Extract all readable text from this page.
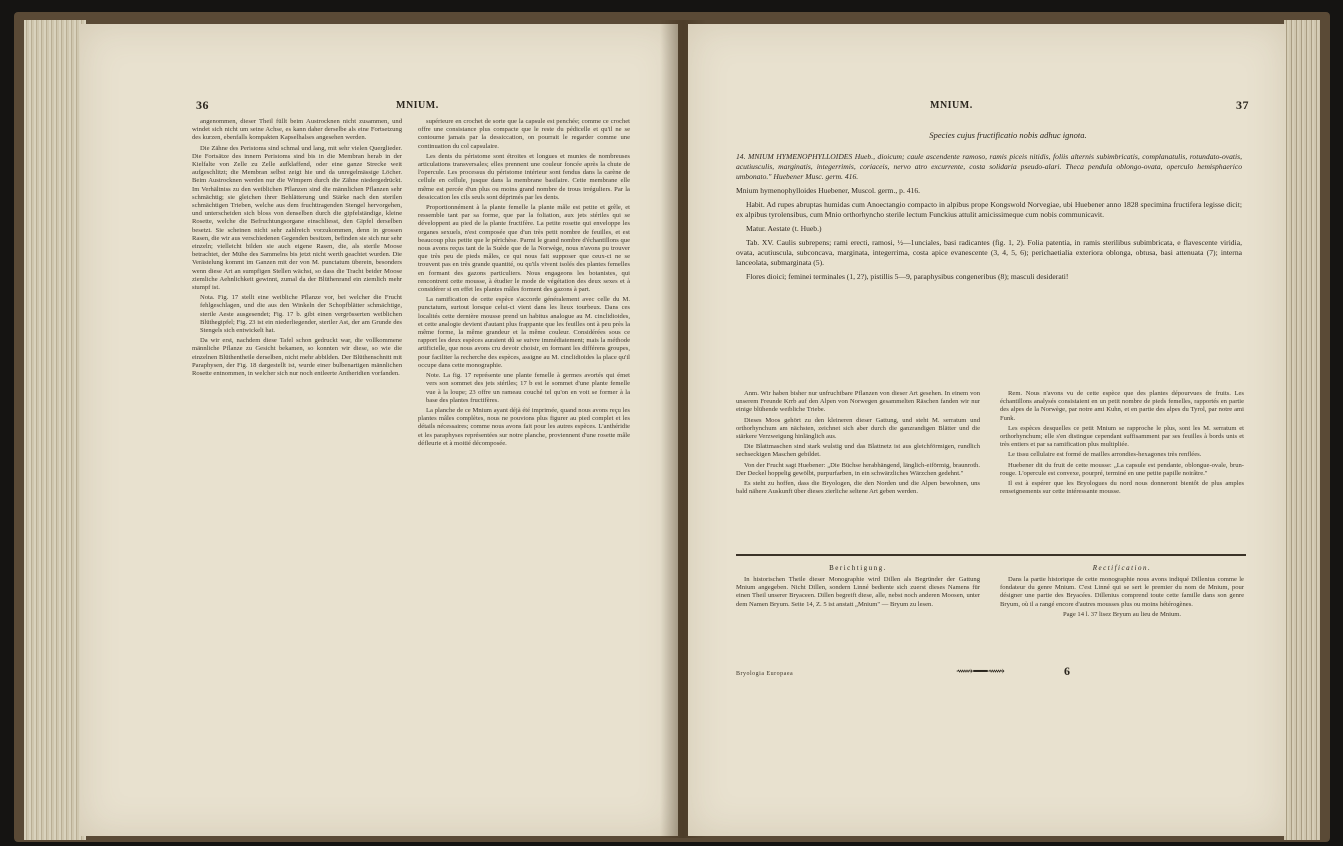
36	MNIUM.

angenommen, dieser Theil füllt beim Austrocknen nicht zusammen, und windet sich nicht um seine Achse, es kann daher derselbe als eine Fortsetzung des kurzen, ebenfalls kompakten Kapselhalses angesehen werden.

Die Zähne des Peristoms sind schmal und lang, mit sehr vielen Querglieder. Die Fortsätze des innern Peristoms sind bis in die Membran herab in der Kielfalte von Zelle zu Zelle aufklaffend, oder eine ganze Strecke weit aufgeschlitzt; die Membran selbst zeigt hie und da unregelmässige Löcher. Beim Austrocknen werden nur die Wimpern durch die Zähne niedergedrückt. Im Verhältniss zu den weiblichen Pflanzen sind die männlichen Pflanzen sehr schmächtig; sie gleichen ihrer Behlätterung und Stärke nach den sterilen schmächtigen Trieben, welche aus dem fruchttragenden Stengel hervorgehen, und unterscheiden sich bloss von denselben durch die gipfelständige, kleine Rosette, welche die Befruchtungsorgane einschliesst, den Gipfel derselben besetzt. Sie scheinen nicht sehr zahlreich vorzukommen, denn in grossen Rasen, die wir aus verschiedenen Gegenden besitzen, befinden sie sich nur sehr einzeln; vielleicht bilden sie auch eigene Rasen, die, als sterile Moose betrachtet, der Mühe des Sammelns bis jetzt nicht werth geachtet wurden. Die Verästelung kommt im Ganzen mit der von M. punctatum überein, besonders wenn diese Art an sumpfigen Stellen wächst, so dass die Tracht beider Moose ziemliche Aehnlichkeit gewinnt, zumal da der Blüthenrand ein ziemlich mehr stumpf ist.

Nota. Fig. 17 stellt eine weibliche Pflanze vor, bei welcher die Frucht fehlgeschlagen, und die aus den Winkeln der Schopfblätter schmächtige, sterile Aeste ausgesendet; Fig. 17 b. gibt einen vergrösserten weiblichen Blüthegipfel; Fig. 23 ist ein niederliegender, steriler Ast, der am Grunde des Stengels sich entwickelt hat.

Da wir erst, nachdem diese Tafel schon gedruckt war, die vollkommene männliche Pflanze zu Gesicht bekamen, so konnten wir diese, so wie die einzelnen Blüthentheile derselben, nicht mehr abbilden. Der Blüthenschnitt mit Paraphysen, der Fig. 18 dargestellt ist, wurde einer bulbenartigen männlichen Rosette entnommen, in welcher sich nur noch entleerte Antheridien vorfanden.

supérieure en crochet de sorte que la capsule est penchée; comme ce crochet offre une consistance plus compacte que le reste du pédicelle et qu'il ne se contourne jamais par la dessiccation, on pourrait le regarder comme une continuation du col capsulaire.

Les dents du péristome sont étroites et longues et munies de nombreuses articulations transversales; elles prennent une couleur foncée après la chute de l'opercule. Les processus du péristome intérieur sont fendus dans la carène de cellule en cellule, jusque dans la membrane basilaire. Cette membrane elle même est percée d'un plus ou moins grand nombre de trous irréguliers. Par la dessiccation les cils seuls sont déprimés par les dents.

Proportionnément à la plante femelle la plante mâle est petite et grêle, et ressemble tant par sa forme, que par la foliation, aux jets stériles qui se développent au pied de la plante fructifère. La petite rosette qui enveloppe les organes sexuels, n'est composée que d'un très petit nombre de feuilles, et est beaucoup plus petite que le périchèse. Parmi le grand nombre d'échantillons que nous avons reçus tant de la Suède que de la Norwège, nous n'avons pu trouver que très peu de pieds mâles, ce qui nous fait supposer que ceux-ci ne se trouvent pas en très grande quantité, ou qu'ils vivent isolés des plantes femelles en formant des gazons particuliers. Nous engageons les botanistes, qui rencontrent cette mousse, à étudier le mode de végétation des deux sexes et à considérer si en effet les plantes mâles forment des gazons à part.

La ramification de cette espèce s'accorde généralement avec celle du M. punctatum, surtout lorsque celui-ci vient dans les lieux tourbeux. Dans ces localités cette dernière mousse prend un habitus analogue au M. cinclidioides, et cette analogie devient d'autant plus frappante que les feuilles ont à peu près la même forme, la même grandeur et la même couleur. Considérées sous ce rapport les deux espèces auraient dû se suivre immédiatement; mais la méthode artificielle, que nous avons cru devoir choisir, en formant les différens groupes, pour faciliter la recherche des espèces, assigne au M. cinclidioides la place qu'il occupe dans cette monographie.

Note. La fig. 17 représente une plante femelle à germes avortés qui émet vers son sommet des jets stériles; 17 b est le sommet d'une plante femelle vue à la loupe; 23 offre un rameau couché tel qu'on en voit se former à la base des plantes fructifères.

La planche de ce Mnium ayant déjà été imprimée, quand nous avons reçu les plantes mâles complètes, nous ne pouvions plus figurer au pied complet et les détails nécessaires; comme nous avons fait pour les autres espèces. L'anthéridie et les paraphyses représentées sur notre planche, proviennent d'une rosette mâle défleurie et à moitié décomposée.

MNIUM.	37
Species cujus fructificatio nobis adhuc ignota.

14. MNIUM HYMENOPHYLLOIDES Hueb., dioicum; caule ascendente ramoso, ramis piceis nitidis, foliis alternis subimbricatis, complanatulis, rotundato-ovatis, acutiusculis, marginatis, integerrimis, coriaceis, nervo atro excurrente, costa solidaria pseudo-alari. Theca pendula oblongo-ovata, operculo hemisphaerico umbonato." Huebener Musc. germ. 416.

Mnium hymenophylloides Huebener, Muscol. germ., p. 416.

Habit. Ad rupes abruptas humidas cum Anoectangio compacto in alpibus prope Kongswold Norvegiae, ubi Huebener anno 1828 specimina fructifera legisse dicit; ex alpibus tyrolensibus, cum Mnio orthorhyncho sterile lectum Funckius attulit amicissimeque cum nobis communicavit.

Matur. Aestate (t. Hueb.)

Tab. XV. Caulis subrepens; rami erecti, ramosi, ½—1unciales, basi radicantes (fig. 1, 2). Folia patentia, in ramis sterilibus subimbricata, e flavescente viridia, ovata, acutiuscula, subconcava, marginata, integerrima, costa apice evanescente (3, 4, 5, 6); perichaetialia exteriora oblonga, obtusa, basi attenuata (7); interna lanceolata, submarginata (5).

Flores dioici; feminei terminales (1, 2?), pistillis 5—9, paraphysibus congeneribus (8); masculi desiderati!

Anm. Wir haben bisher nur unfruchtbare Pflanzen von dieser Art gesehen. In einem von unserem Freunde Krrb auf den Alpen von Norwegen gesammelten Räschen fanden wir nur einige blühende weibliche Triebe.

Dieses Moos gehört zu den kleineren dieser Gattung, und steht M. serratum und orthorhynchum am nächsten, zeichnet sich aber durch die ganzrandigen Blätter und die stärkere Verzweigung hinlänglich aus.

Die Blattmaschen sind stark wulstig und das Blattnetz ist aus gleichförmigen, rundlich sechseckigen Maschen gebildet.

Von der Frucht sagt Huebener: „Die Büchse herabhängend, länglich-eiförmig, braunroth. Der Deckel hoppelig gewölbt, purpurfarben, in ein schwärzliches Wärzchen gedehnt."

Es steht zu hoffen, dass die Bryologen, die den Norden und die Alpen bewohnen, uns bald nähere Auskunft über dieses zierliche seltene Art geben werden.

Rem. Nous n'avons vu de cette espèce que des plantes dépourvues de fruits. Les échantillons analysés consistaient en un petit nombre de pieds femelles, rapportés en partie des alpes de la Norwège, par notre ami Kuhn, et en partie des alpes du Tyrol, par notre ami Funk.

Les espèces desquelles ce petit Mnium se rapproche le plus, sont les M. serratum et orthorhynchum; elle s'en distingue cependant suffisamment par ses feuilles à bords unis et très entiers et par sa ramification plus multipliée.

Le tissu cellulaire est formé de mailles arrondies-hexagones très renflées.

Huebener dit du fruit de cette mousse: „La capsule est pendante, oblongue-ovale, brun-rouge. L'opercule est convexe, pourpré, terminé en une petite papille noirâtre."

Il est à espérer que les Bryologues du nord nous donneront bientôt de plus amples renseignements sur cette intéressante mousse.

Berichtigung.	Rectification.

In historischen Theile dieser Monographie wird Dillen als Begründer der Gattung Mnium angegeben. Nicht Dillen, sondern Linné bediente sich zuerst dieses Namens für einen Theil unserer Bryaceen. Dillen begreift diese, alle, nebst noch anderen Moosen, unter dem Namen Bryum. Seite 14, Z. 5 ist anstatt „Mnium" — Bryum zu lesen.

Dans la partie historique de cette monographie nous avons indiqué Dillenius comme le fondateur du genre Mnium. C'est Linné qui se sert le premier du nom de Mnium, pour désigner une partie des Bryacées. Dillenius comprend toute cette famille dans son genre Bryum, où il a rangé encore d'autres mousses plus ou moins hétérogènes.

Page 14 l. 37 lisez Bryum au lieu de Mnium.

Bryologia Europaea	⟿━━⟿	6
